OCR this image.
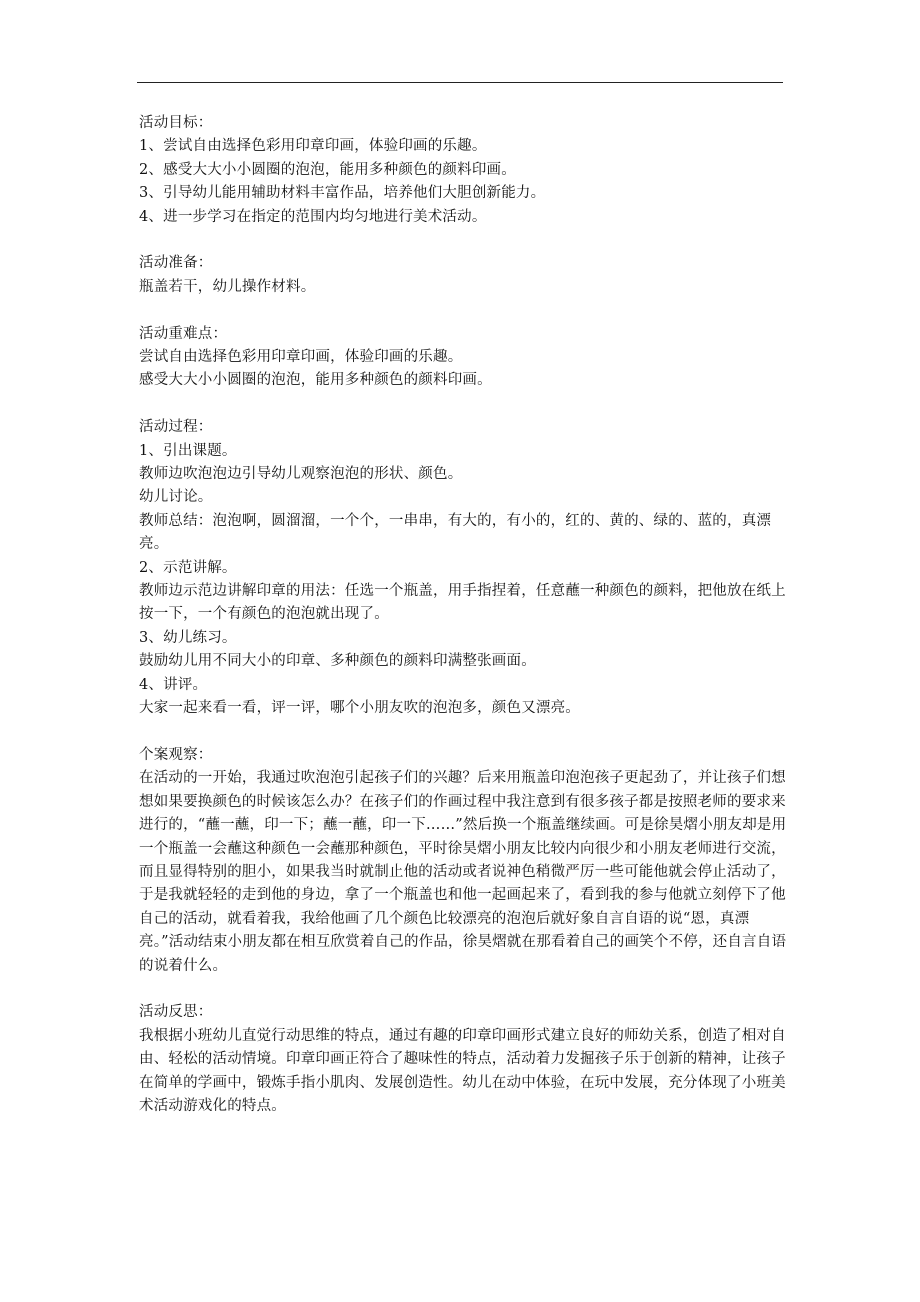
活动目标：
1、尝试自由选择色彩用印章印画，体验印画的乐趣。
2、感受大大小小圆圈的泡泡，能用多种颜色的颜料印画。
3、引导幼儿能用辅助材料丰富作品，培养他们大胆创新能力。
4、进一步学习在指定的范围内均匀地进行美术活动。
活动准备：
瓶盖若干，幼儿操作材料。
活动重难点：
尝试自由选择色彩用印章印画，体验印画的乐趣。
感受大大小小圆圈的泡泡，能用多种颜色的颜料印画。
活动过程：
1、引出课题。
教师边吹泡泡边引导幼儿观察泡泡的形状、颜色。
幼儿讨论。
教师总结：泡泡啊，圆溜溜，一个个，一串串，有大的，有小的，红的、黄的、绿的、蓝的，真漂亮。
2、示范讲解。
教师边示范边讲解印章的用法：任选一个瓶盖，用手指捏着，任意蘸一种颜色的颜料，把他放在纸上按一下，一个有颜色的泡泡就出现了。
3、幼儿练习。
鼓励幼儿用不同大小的印章、多种颜色的颜料印满整张画面。
4、讲评。
大家一起来看一看，评一评，哪个小朋友吹的泡泡多，颜色又漂亮。
个案观察：
在活动的一开始，我通过吹泡泡引起孩子们的兴趣？后来用瓶盖印泡泡孩子更起劲了，并让孩子们想想如果要换颜色的时候该怎么办？在孩子们的作画过程中我注意到有很多孩子都是按照老师的要求来进行的，“蘸一蘸，印一下；蘸一蘸，印一下……”然后换一个瓶盖继续画。可是徐昊熠小朋友却是用一个瓶盖一会蘸这种颜色一会蘸那种颜色，平时徐昊熠小朋友比较内向很少和小朋友老师进行交流，而且显得特别的胆小，如果我当时就制止他的活动或者说神色稍微严厉一些可能他就会停止活动了，于是我就轻轻的走到他的身边，拿了一个瓶盖也和他一起画起来了，看到我的参与他就立刻停下了他自己的活动，就看着我，我给他画了几个颜色比较漂亮的泡泡后就好象自言自语的说“恩，真漂亮。”活动结束小朋友都在相互欣赏着自己的作品，徐昊熠就在那看着自己的画笑个不停，还自言自语的说着什么。
活动反思：
我根据小班幼儿直觉行动思维的特点，通过有趣的印章印画形式建立良好的师幼关系，创造了相对自由、轻松的活动情境。印章印画正符合了趣味性的特点，活动着力发掘孩子乐于创新的精神，让孩子在简单的学画中，锻炼手指小肌肉、发展创造性。幼儿在动中体验，在玩中发展，充分体现了小班美术活动游戏化的特点。
